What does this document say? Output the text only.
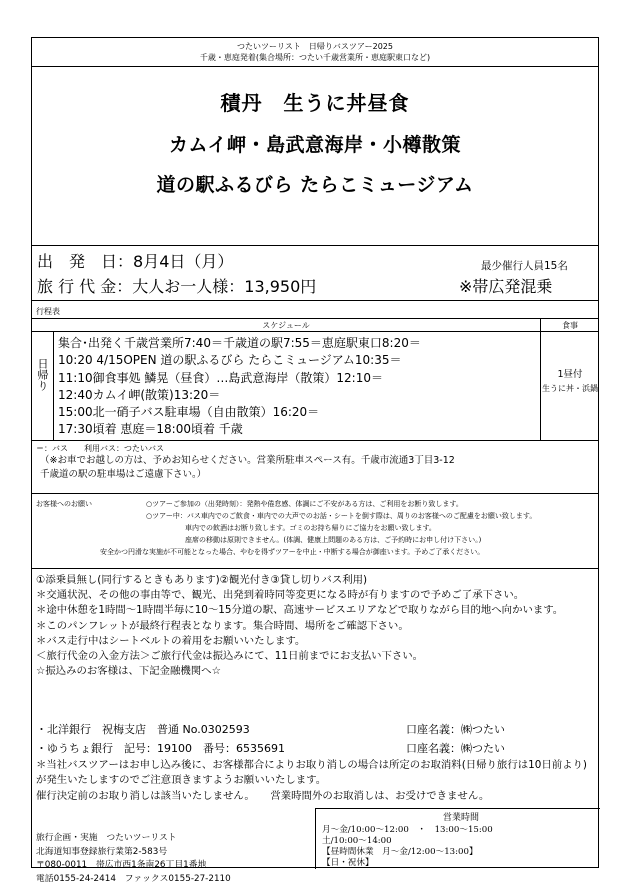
つたいツーリスト　日帰りバスツアー2025
千歳・恵庭発着(集合場所：つたい千歳営業所・恵庭駅東口など)
積丹　生うに丼昼食
カムイ岬・島武意海岸・小樽散策
道の駅ふるびら たらこミュージアム
出　発　日：8月4日（月）	最少催行人員15名
旅 行 代 金：大人お一人様：13,950円	※帯広発混乗
行程表
スケジュール	食事
日帰り
集合･出発く千歳営業所7:40＝千歳道の駅7:55＝恵庭駅東口8:20＝
10:20 4/15OPEN 道の駅ふるびら たらこミュージアム10:35＝
11:10御食事処 鱗晃（昼食）…島武意海岸（散策）12:10＝
12:40カムイ岬(散策)13:20＝
15:00北一硝子バス駐車場（自由散策）16:20＝
17:30頃着 恵庭＝18:00頃着 千歳
1昼付
生うに丼・浜鍋
＝：バス　　利用バス：つたいバス
（※お車でお越しの方は、予めお知らせください。営業所駐車スペース有。千歳市流通3丁目3-12
千歳道の駅の駐車場はご遠慮下さい。）
お客様へのお願い	○ツアーご参加の（出発時刻）：発熱や倦怠感、体調にご不安がある方は、ご利用をお断り致します。
○ツアー中：バス車内でのご飲食・車内での大声でのお話・シートを倒す際は、周りのお客様へのご配慮をお願い致します。
車内での飲酒はお断り致します。ゴミのお持ち帰りにご協力をお願い致します。
座席の移動は原則できません。(体調、健康上問題のある方は、ご予約時にお申し付け下さい。)
安全かつ円滑な実施が不可能となった場合、やむを得ずツアーを中止・中断する場合が御座います。予めご了承ください。
①添乗員無し(同行するときもあります)②観光付き③貸し切りバス利用)
＊交通状況、その他の事由等で、観光、出発到着時同等変更になる時が有りますので予めご了承下さい。
＊途中休憩を1時間～1時間半毎に10～15分道の駅、高速サービスエリアなどで取りながら目的地へ向かいます。
＊このパンフレットが最終行程表となります。集合時間、場所をご確認下さい。
＊バス走行中はシートベルトの着用をお願いいたします。
＜旅行代金の入金方法＞ご旅行代金は振込みにて、11日前までにお支払い下さい。
☆振込みのお客様は、下記金融機関へ☆
・北洋銀行　祝梅支店　普通 No.0302593	口座名義：㈱つたい
・ゆうちょ銀行　記号：19100　番号：6535691	口座名義：㈱つたい
＊当社バスツアーはお申し込み後に、お客様都合によりお取り消しの場合は所定のお取消料(日帰り旅行は10日前より)が発生いたしますのでご注意頂きますようお願いいたします。
催行決定前のお取り消しは該当いたしません。　　営業時間外のお取消しは、お受けできません。
旅行企画・実施　つたいツーリスト
北海道知事登録旅行業第2-583号
〒080-0011　帯広市西1条南26丁目1番地
電話0155-24-2414　ファックス0155-27-2110
営業時間
月～金/10:00～12:00　・　13:00～15:00
土/10:00～14:00
【昼時間休業　月～金/12:00～13:00】
【日・祝休】
